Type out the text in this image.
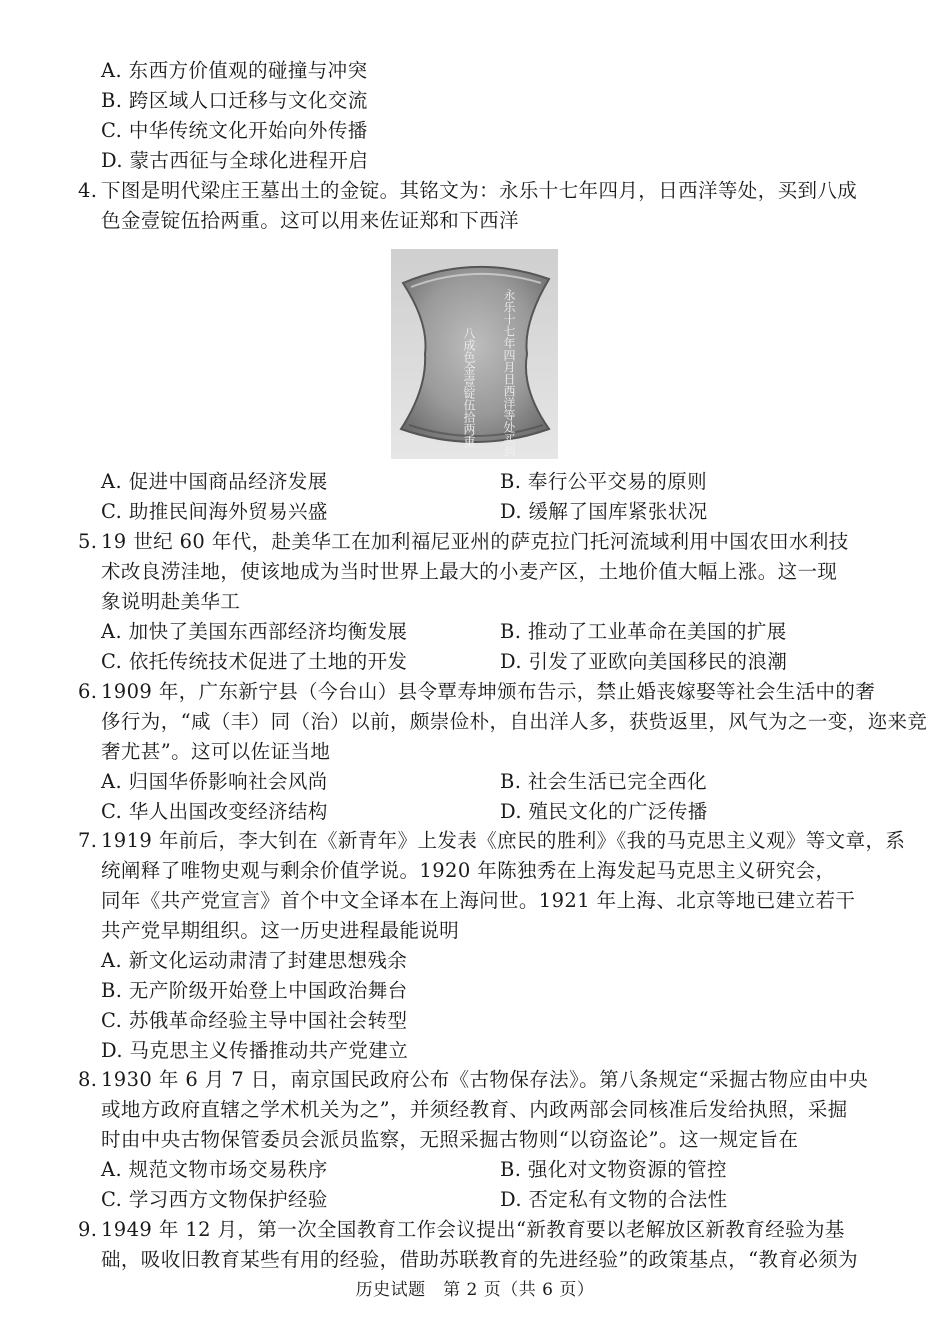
A. 东西方价值观的碰撞与冲突
B. 跨区域人口迁移与文化交流
C. 中华传统文化开始向外传播
D. 蒙古西征与全球化进程开启
4. 下图是明代梁庄王墓出土的金锭。其铭文为：永乐十七年四月，日西洋等处，买到八成
色金壹锭伍拾两重。这可以用来佐证郑和下西洋
永乐十七年四月日西洋等处买到
八成色金壹锭伍拾两重
A. 促进中国商品经济发展	B. 奉行公平交易的原则
C. 助推民间海外贸易兴盛	D. 缓解了国库紧张状况
5. 19 世纪 60 年代，赴美华工在加利福尼亚州的萨克拉门托河流域利用中国农田水利技
术改良涝洼地，使该地成为当时世界上最大的小麦产区，土地价值大幅上涨。这一现
象说明赴美华工
A. 加快了美国东西部经济均衡发展	B. 推动了工业革命在美国的扩展
C. 依托传统技术促进了土地的开发	D. 引发了亚欧向美国移民的浪潮
6. 1909 年，广东新宁县（今台山）县令覃寿坤颁布告示，禁止婚丧嫁娶等社会生活中的奢
侈行为，“咸（丰）同（治）以前，颇崇俭朴，自出洋人多，获赀返里，风气为之一变，迩来竞
奢尤甚”。这可以佐证当地
A. 归国华侨影响社会风尚	B. 社会生活已完全西化
C. 华人出国改变经济结构	D. 殖民文化的广泛传播
7. 1919 年前后，李大钊在《新青年》上发表《庶民的胜利》《我的马克思主义观》等文章，系
统阐释了唯物史观与剩余价值学说。1920 年陈独秀在上海发起马克思主义研究会，
同年《共产党宣言》首个中文全译本在上海问世。1921 年上海、北京等地已建立若干
共产党早期组织。这一历史进程最能说明
A. 新文化运动肃清了封建思想残余
B. 无产阶级开始登上中国政治舞台
C. 苏俄革命经验主导中国社会转型
D. 马克思主义传播推动共产党建立
8. 1930 年 6 月 7 日，南京国民政府公布《古物保存法》。第八条规定“采掘古物应由中央
或地方政府直辖之学术机关为之”，并须经教育、内政两部会同核准后发给执照，采掘
时由中央古物保管委员会派员监察，无照采掘古物则“以窃盗论”。这一规定旨在
A. 规范文物市场交易秩序	B. 强化对文物资源的管控
C. 学习西方文物保护经验	D. 否定私有文物的合法性
9. 1949 年 12 月，第一次全国教育工作会议提出“新教育要以老解放区新教育经验为基
础，吸收旧教育某些有用的经验，借助苏联教育的先进经验”的政策基点，“教育必须为
历史试题　第 2 页（共 6 页）
